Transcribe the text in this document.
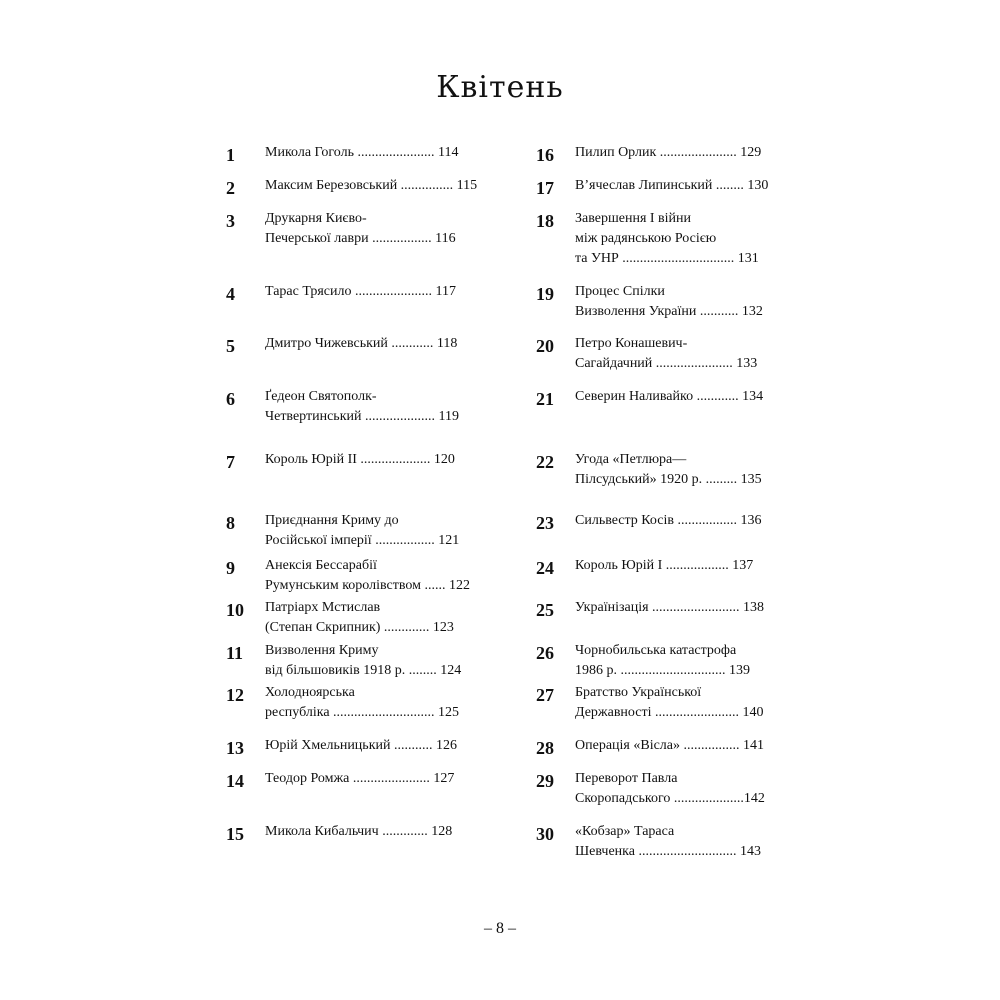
Квітень
1	Микола Гоголь ...................... 114
2	Максим Березовський ............... 115
3	Друкарня Києво-
Печерської лаври ................. 116
4	Тарас Трясило ...................... 117
5	Дмитро Чижевський ............ 118
6	Ґедеон Святополк-
Четвертинський .................... 119
7	Король Юрій II .................... 120
8	Приєднання Криму до
Російської імперії ................. 121
9	Анексія Бессарабії
Румунським королівством ...... 122
10	Патріарх Мстислав
(Степан Скрипник) ............. 123
11	Визволення Криму
від більшовиків 1918 р. ........ 124
12	Холодноярська
республіка ............................. 125
13	Юрій Хмельницький ........... 126
14	Теодор Ромжа ...................... 127
15	Микола Кибальчич ............. 128
16	Пилип Орлик ...................... 129
17	В’ячеслав Липинський ........ 130
18	Завершення І війни
між радянською Росією
та УНР ................................ 131
19	Процес Спілки
Визволення України ........... 132
20	Петро Конашевич-
Сагайдачний ...................... 133
21	Северин Наливайко ............ 134
22	Угода «Петлюра—
Пілсудський» 1920 р. ......... 135
23	Сильвестр Косів ................. 136
24	Король Юрій I .................. 137
25	Українізація ......................... 138
26	Чорнобильська катастрофа
1986 р. .............................. 139
27	Братство Української
Державності ........................ 140
28	Операція «Вісла» ................ 141
29	Переворот Павла
Скоропадського ....................142
30	«Кобзар» Тараса
Шевченка ............................ 143
– 8 –
